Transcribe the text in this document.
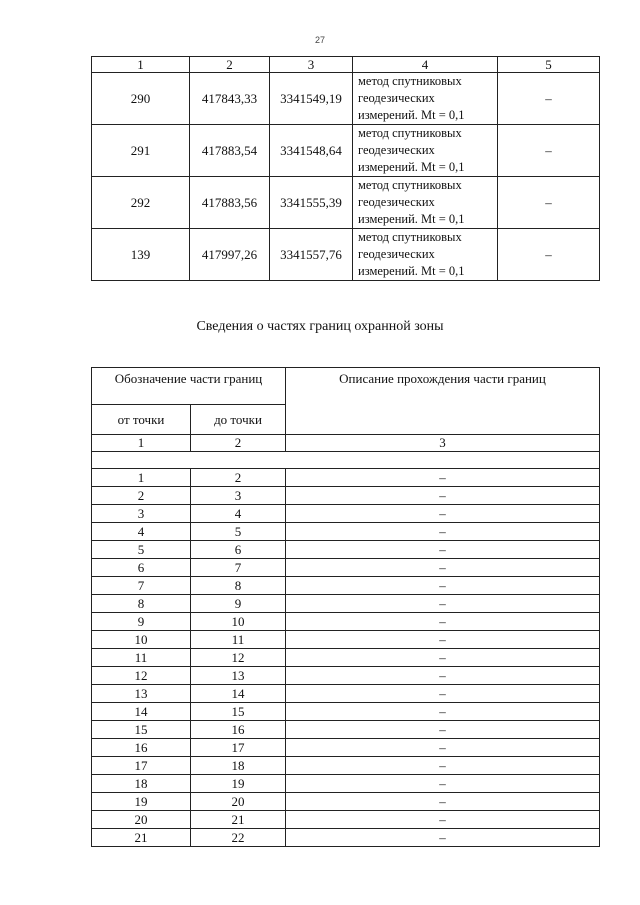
27
1	2	3	4	5
290	417843,33	3341549,19	метод спутниковых
геодезических
измерений. Mt = 0,1	–
291	417883,54	3341548,64	метод спутниковых
геодезических
измерений. Mt = 0,1	–
292	417883,56	3341555,39	метод спутниковых
геодезических
измерений. Mt = 0,1	–
139	417997,26	3341557,76	метод спутниковых
геодезических
измерений. Mt = 0,1	–
Сведения о частях границ охранной зоны
Обозначение части границ		Описание прохождения части границ
от точки	до точки	
1	2	3

1	2	–
2	3	–
3	4	–
4	5	–
5	6	–
6	7	–
7	8	–
8	9	–
9	10	–
10	11	–
11	12	–
12	13	–
13	14	–
14	15	–
15	16	–
16	17	–
17	18	–
18	19	–
19	20	–
20	21	–
21	22	–
